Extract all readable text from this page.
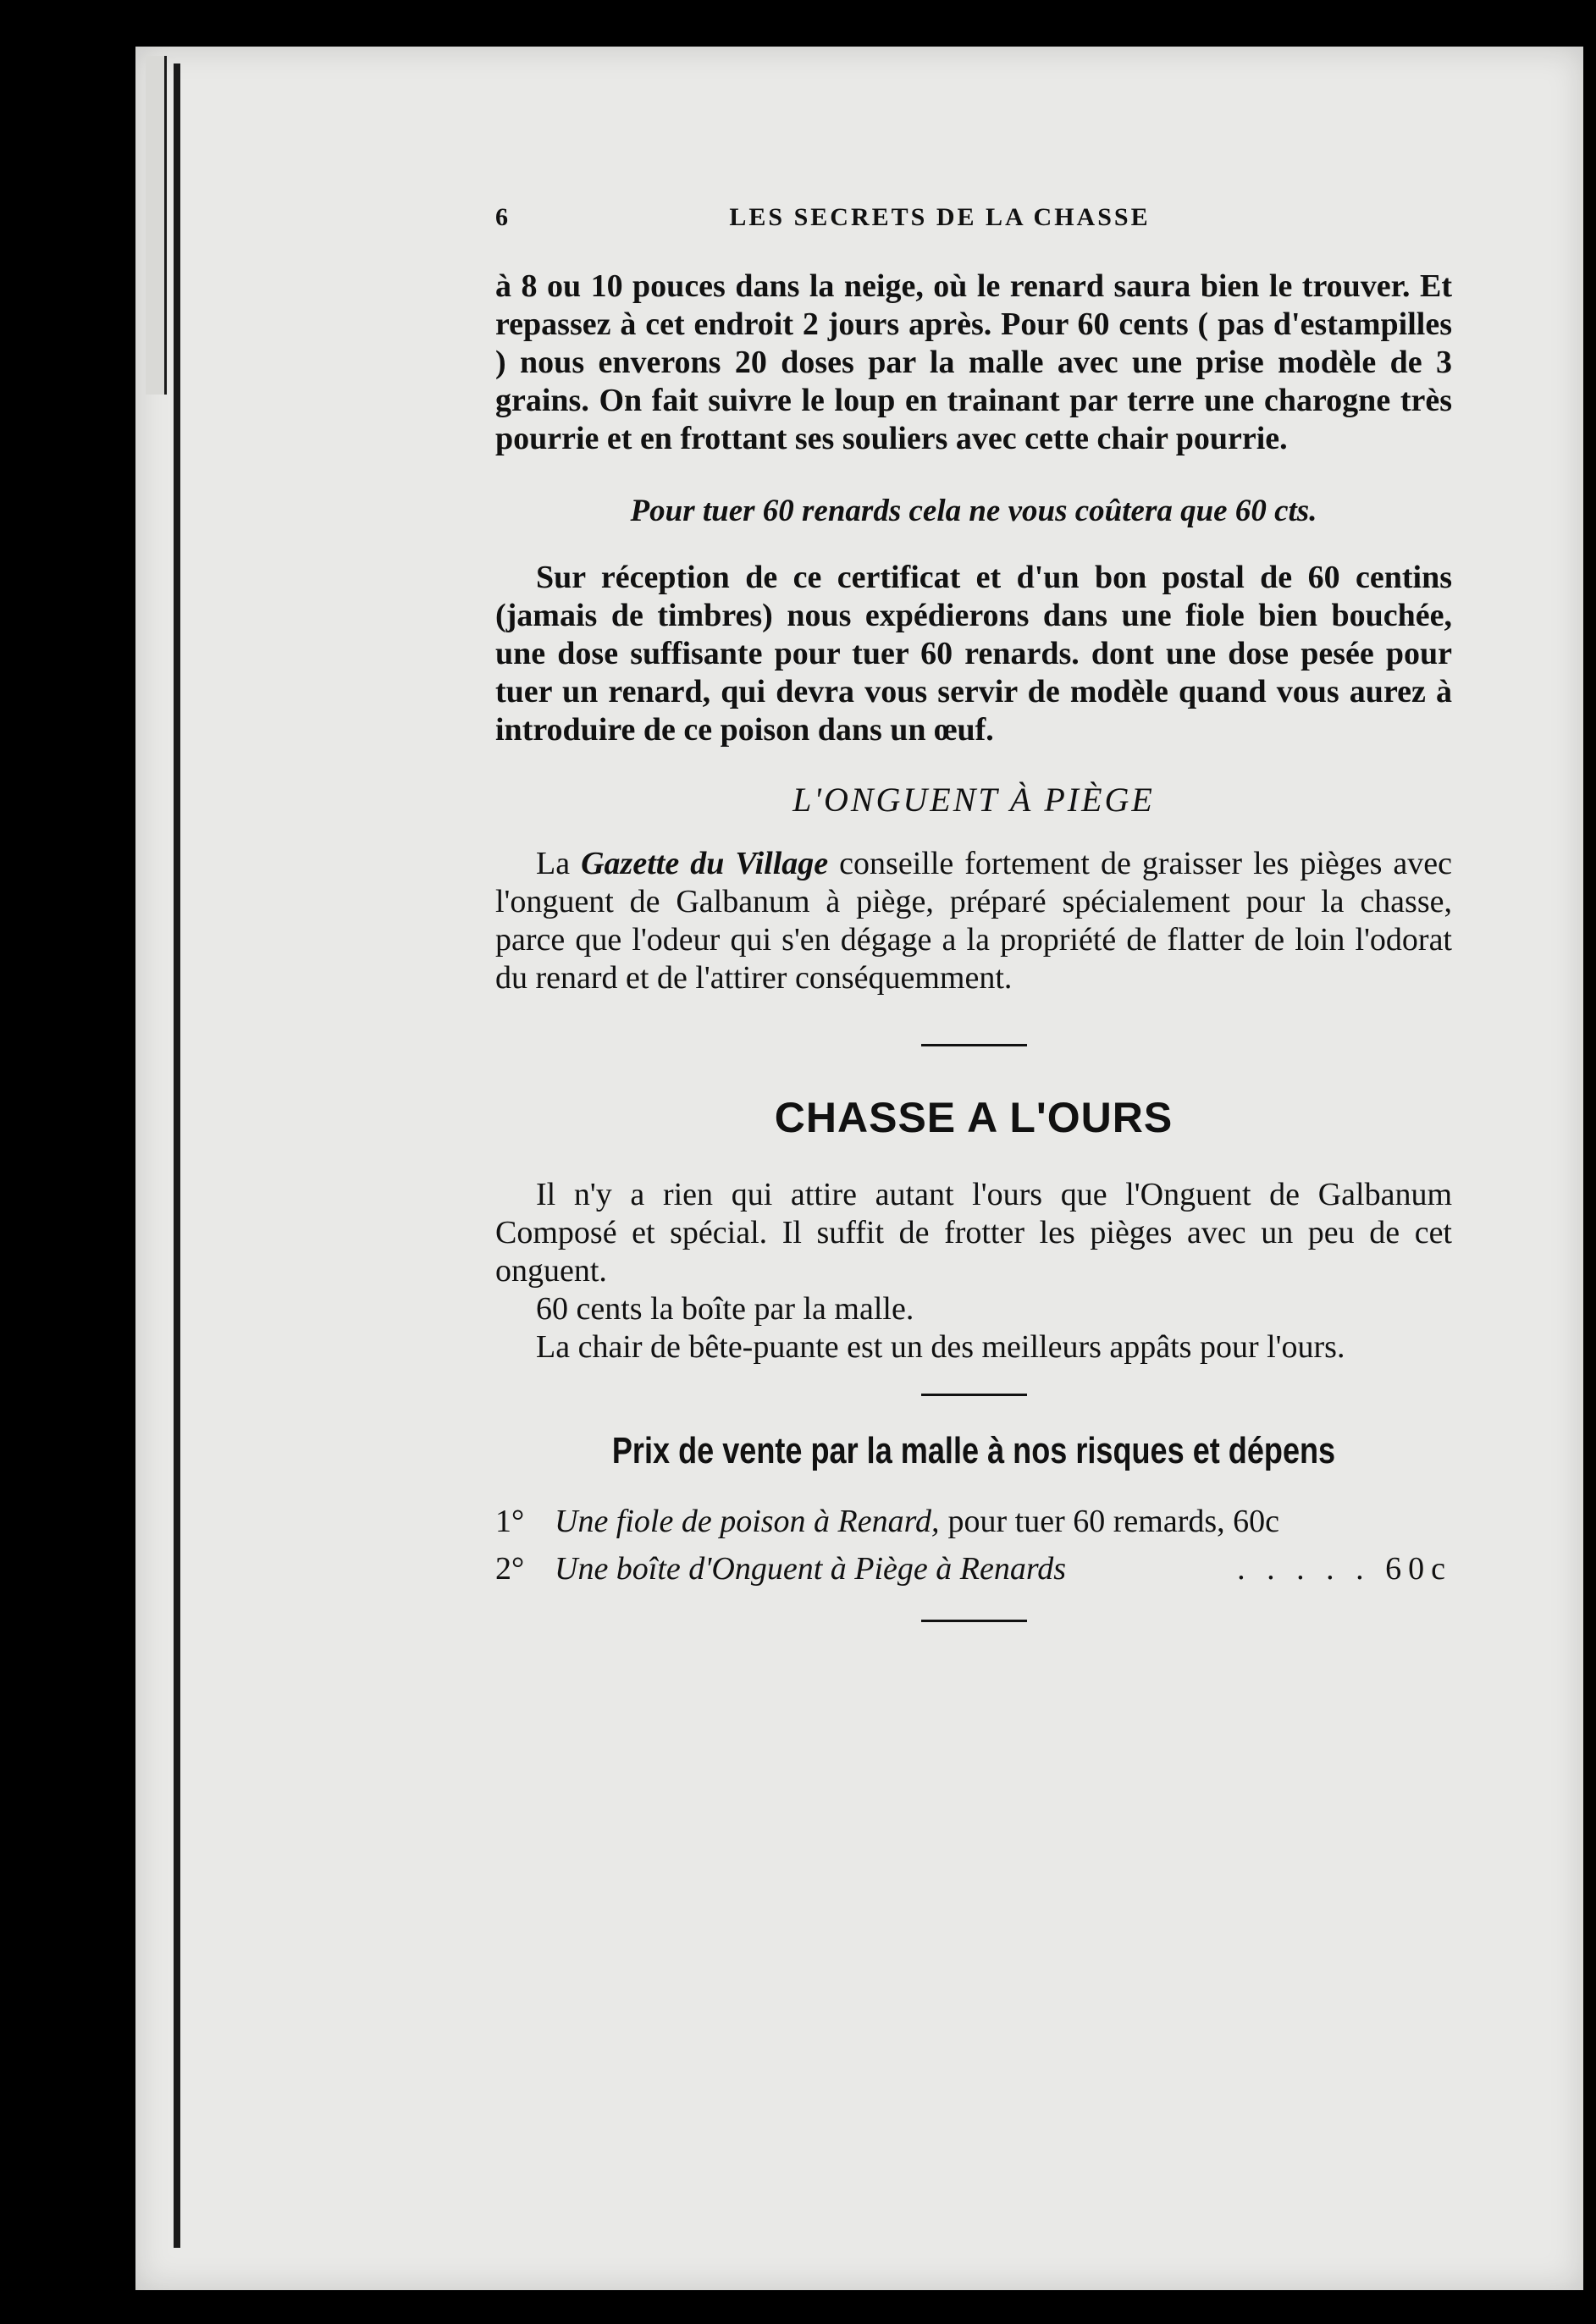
6	LES SECRETS DE LA CHASSE

à 8 ou 10 pouces dans la neige, où le renard saura bien le trouver. Et repassez à cet endroit 2 jours après. Pour 60 cents ( pas d'estampilles ) nous enverons 20 doses par la malle avec une prise modèle de 3 grains. On fait suivre le loup en trainant par terre une charogne très pourrie et en frottant ses souliers avec cette chair pourrie.

Pour tuer 60 renards cela ne vous coûtera que 60 cts.

Sur réception de ce certificat et d'un bon postal de 60 centins (jamais de timbres) nous expédierons dans une fiole bien bouchée, une dose suffisante pour tuer 60 renards. dont une dose pesée pour tuer un renard, qui devra vous servir de modèle quand vous aurez à introduire de ce poison dans un œuf.

L'ONGUENT À PIÈGE

La Gazette du Village conseille fortement de graisser les pièges avec l'onguent de Galbanum à piège, préparé spécialement pour la chasse, parce que l'odeur qui s'en dégage a la propriété de flatter de loin l'odorat du renard et de l'attirer conséquemment.

CHASSE A L'OURS

Il n'y a rien qui attire autant l'ours que l'Onguent de Galbanum Composé et spécial. Il suffit de frotter les pièges avec un peu de cet onguent.

60 cents la boîte par la malle.

La chair de bête-puante est un des meilleurs appâts pour l'ours.

Prix de vente par la malle à nos risques et dépens
1° Une fiole de poison à Renard, pour tuer 60 remards, 60c
2° Une boîte d'Onguent à Piège à Renards	. . . . . 60c
